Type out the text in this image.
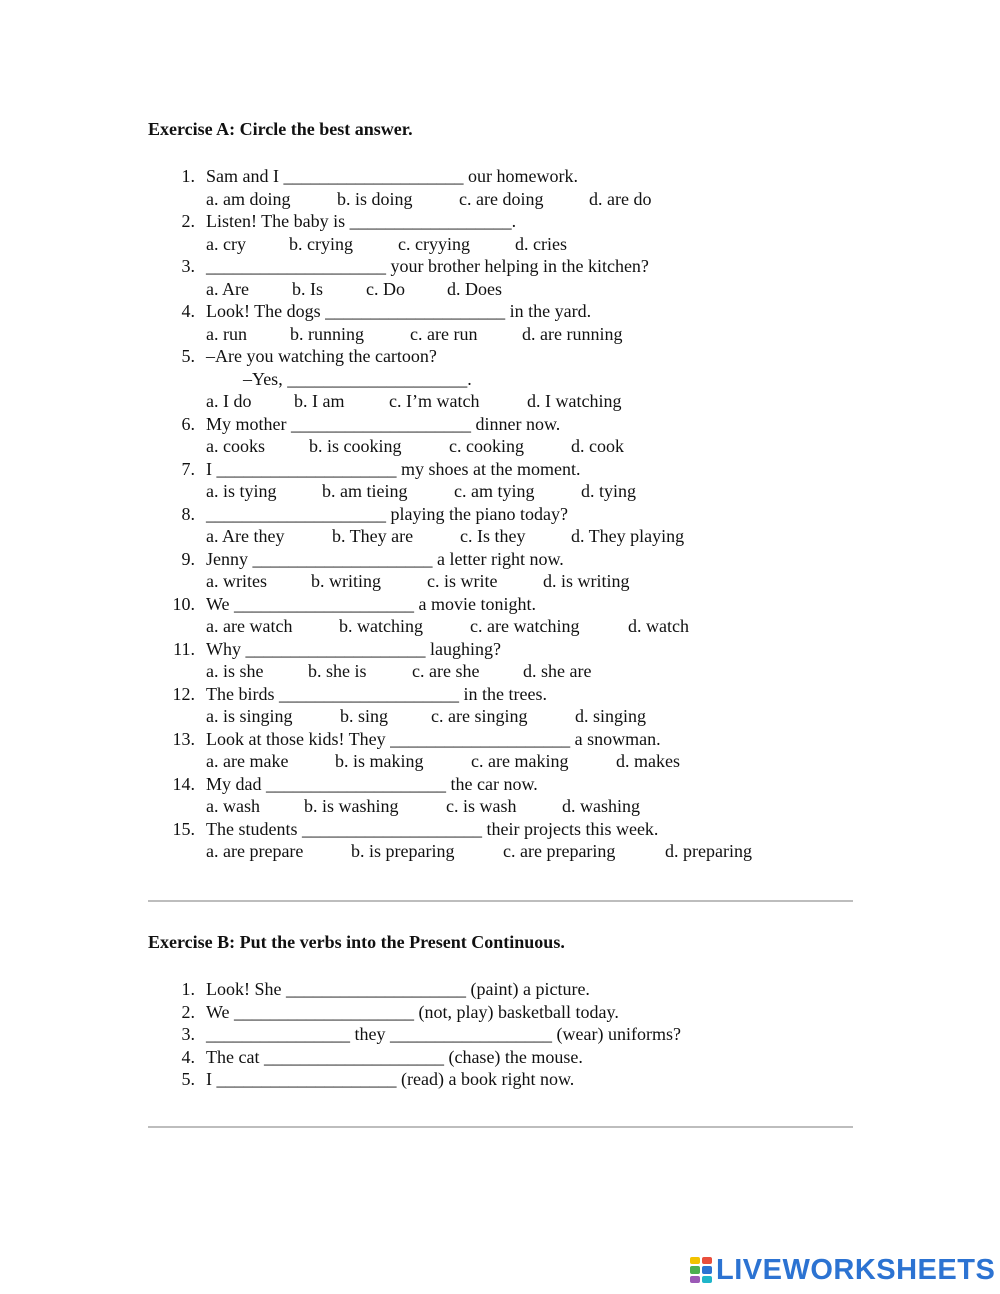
Exercise A: Circle the best answer.
1. Sam and I ____________________ our homework.
a. am doing	b. is doing	c. are doing	d. are do
2. Listen! The baby is __________________.
a. cry b. crying	c. cryying	d. cries
3. ____________________ your brother helping in the kitchen?
a. Are b. Is c. Do d. Does
4. Look! The dogs ____________________ in the yard.
a. run b. running	c. are run d. are running
5. –Are you watching the cartoon?
–Yes, ____________________.
a. I do b. I am c. I’m watch	d. I watching
6. My mother ____________________ dinner now.
a. cooks b. is cooking	c. cooking	d. cook
7. I ____________________ my shoes at the moment.
a. is tying	b. am tieing	c. am tying	d. tying
8. ____________________ playing the piano today?
a. Are they	b. They are	c. Is they	d. They playing
9. Jenny ____________________ a letter right now.
a. writes b. writing	c. is write	d. is writing
10. We ____________________ a movie tonight.
a. are watch	b. watching	c. are watching	d. watch
11. Why ____________________ laughing?
a. is she b. she is	c. are she d. she are
12. The birds ____________________ in the trees.
a. is singing	b. sing c. are singing	d. singing
13. Look at those kids! They ____________________ a snowman.
a. are make	b. is making	c. are making	d. makes
14. My dad ____________________ the car now.
a. wash b. is washing	c. is wash	d. washing
15. The students ____________________ their projects this week.
a. are prepare	b. is preparing	c. are preparing	d. preparing
Exercise B: Put the verbs into the Present Continuous.
1. Look! She ____________________ (paint) a picture.
2. We ____________________ (not, play) basketball today.
3. ________________ they __________________ (wear) uniforms?
4. The cat ____________________ (chase) the mouse.
5. I ____________________ (read) a book right now.
LIVEWORKSHEETS
